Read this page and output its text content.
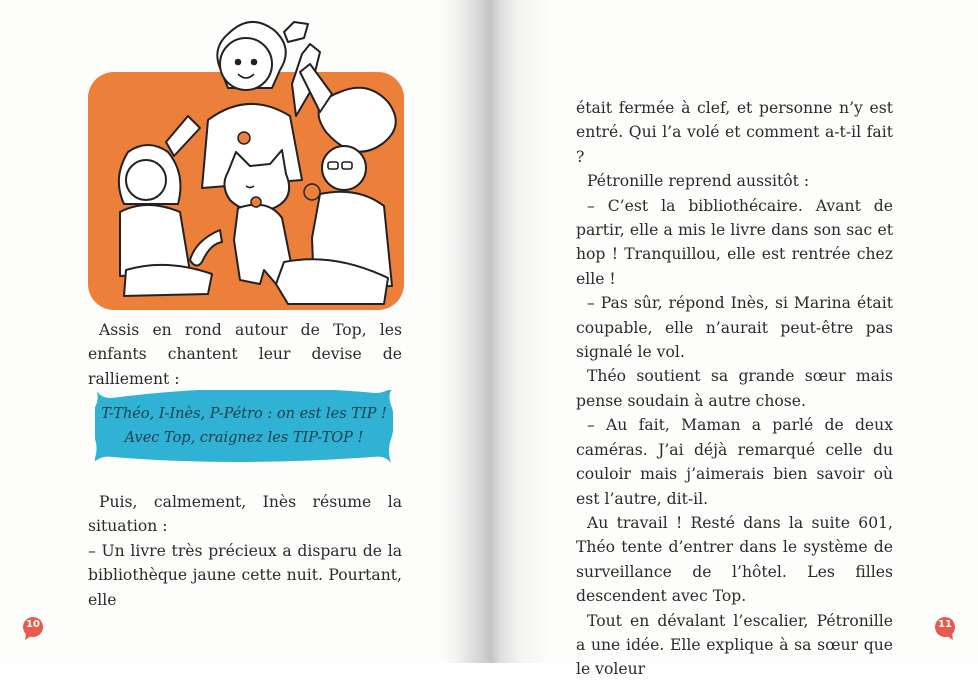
Assis en rond autour de Top, les enfants chantent leur devise de ralliement :

T-Théo, I-Inès, P-Pétro : on est les TIP !
Avec Top, craignez les TIP-TOP !

Puis, calmement, Inès résume la situation :

– Un livre très précieux a disparu de la bibliothèque jaune cette nuit. Pourtant, elle

10

était fermée à clef, et personne n’y est entré. Qui l’a volé et comment a-t-il fait ?

Pétronille reprend aussitôt :

– C’est la bibliothécaire. Avant de partir, elle a mis le livre dans son sac et hop ! Tranquillou, elle est rentrée chez elle !

– Pas sûr, répond Inès, si Marina était coupable, elle n’aurait peut-être pas signalé le vol.

Théo soutient sa grande sœur mais pense soudain à autre chose.

– Au fait, Maman a parlé de deux caméras. J’ai déjà remarqué celle du couloir mais j’aimerais bien savoir où est l’autre, dit-il.

Au travail ! Resté dans la suite 601, Théo tente d’entrer dans le système de surveillance de l’hôtel. Les filles descendent avec Top.

Tout en dévalant l’escalier, Pétronille a une idée. Elle explique à sa sœur que le voleur

11
